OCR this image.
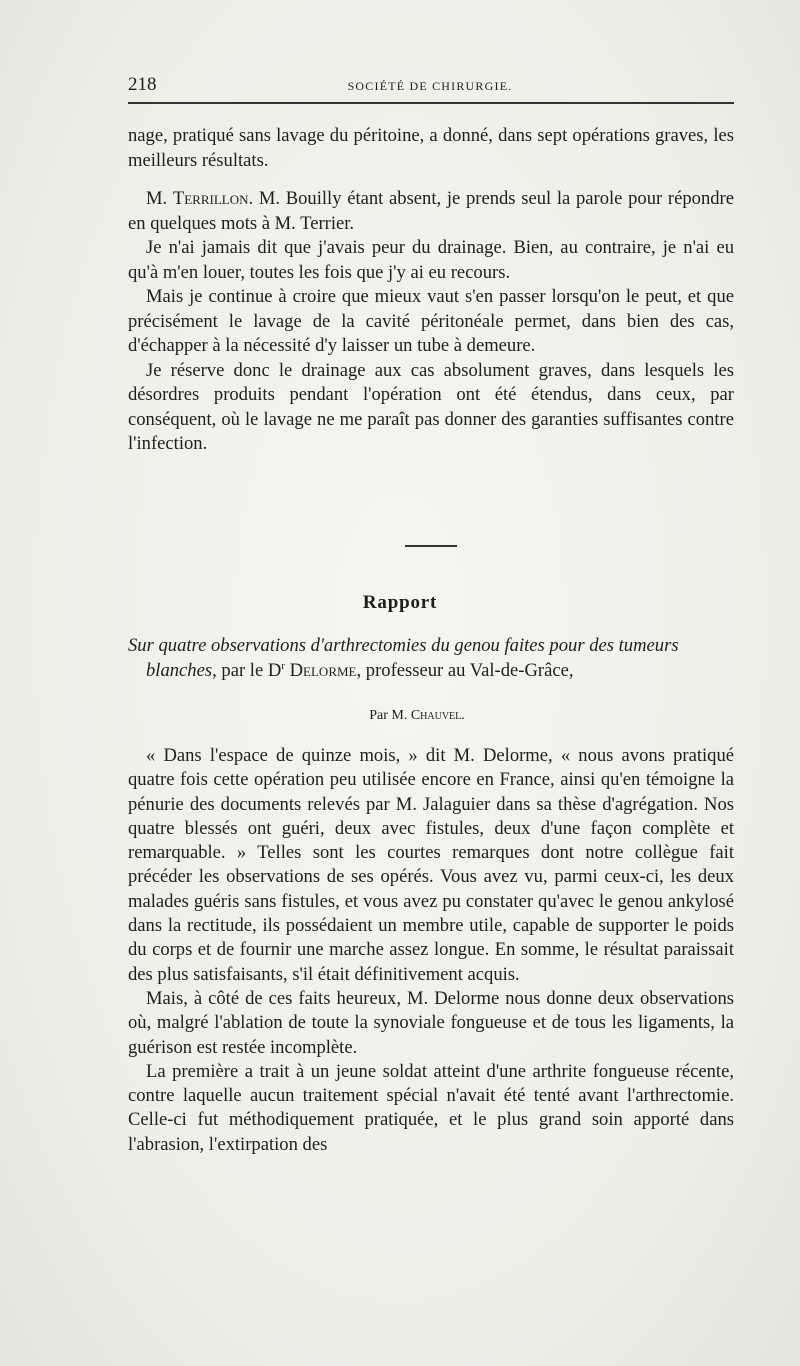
218	SOCIÉTÉ DE CHIRURGIE.

nage, pratiqué sans lavage du péritoine, a donné, dans sept opérations graves, les meilleurs résultats.

M. Terrillon. M. Bouilly étant absent, je prends seul la parole pour répondre en quelques mots à M. Terrier.

Je n'ai jamais dit que j'avais peur du drainage. Bien, au contraire, je n'ai eu qu'à m'en louer, toutes les fois que j'y ai eu recours.

Mais je continue à croire que mieux vaut s'en passer lorsqu'on le peut, et que précisément le lavage de la cavité péritonéale permet, dans bien des cas, d'échapper à la nécessité d'y laisser un tube à demeure.

Je réserve donc le drainage aux cas absolument graves, dans lesquels les désordres produits pendant l'opération ont été étendus, dans ceux, par conséquent, où le lavage ne me paraît pas donner des garanties suffisantes contre l'infection.

Rapport

Sur quatre observations d'arthrectomies du genou faites pour des tumeurs blanches, par le $D^r$ Delorme, professeur au Val-de-Grâce,

Par M. Chauvel.

« Dans l'espace de quinze mois, » dit M. Delorme, « nous avons pratiqué quatre fois cette opération peu utilisée encore en France, ainsi qu'en témoigne la pénurie des documents relevés par M. Jalaguier dans sa thèse d'agrégation. Nos quatre blessés ont guéri, deux avec fistules, deux d'une façon complète et remarquable. » Telles sont les courtes remarques dont notre collègue fait précéder les observations de ses opérés. Vous avez vu, parmi ceux-ci, les deux malades guéris sans fistules, et vous avez pu constater qu'avec le genou ankylosé dans la rectitude, ils possédaient un membre utile, capable de supporter le poids du corps et de fournir une marche assez longue. En somme, le résultat paraissait des plus satisfaisants, s'il était définitivement acquis.

Mais, à côté de ces faits heureux, M. Delorme nous donne deux observations où, malgré l'ablation de toute la synoviale fongueuse et de tous les ligaments, la guérison est restée incomplète.

La première a trait à un jeune soldat atteint d'une arthrite fongueuse récente, contre laquelle aucun traitement spécial n'avait été tenté avant l'arthrectomie. Celle-ci fut méthodiquement pratiquée, et le plus grand soin apporté dans l'abrasion, l'extirpation des
